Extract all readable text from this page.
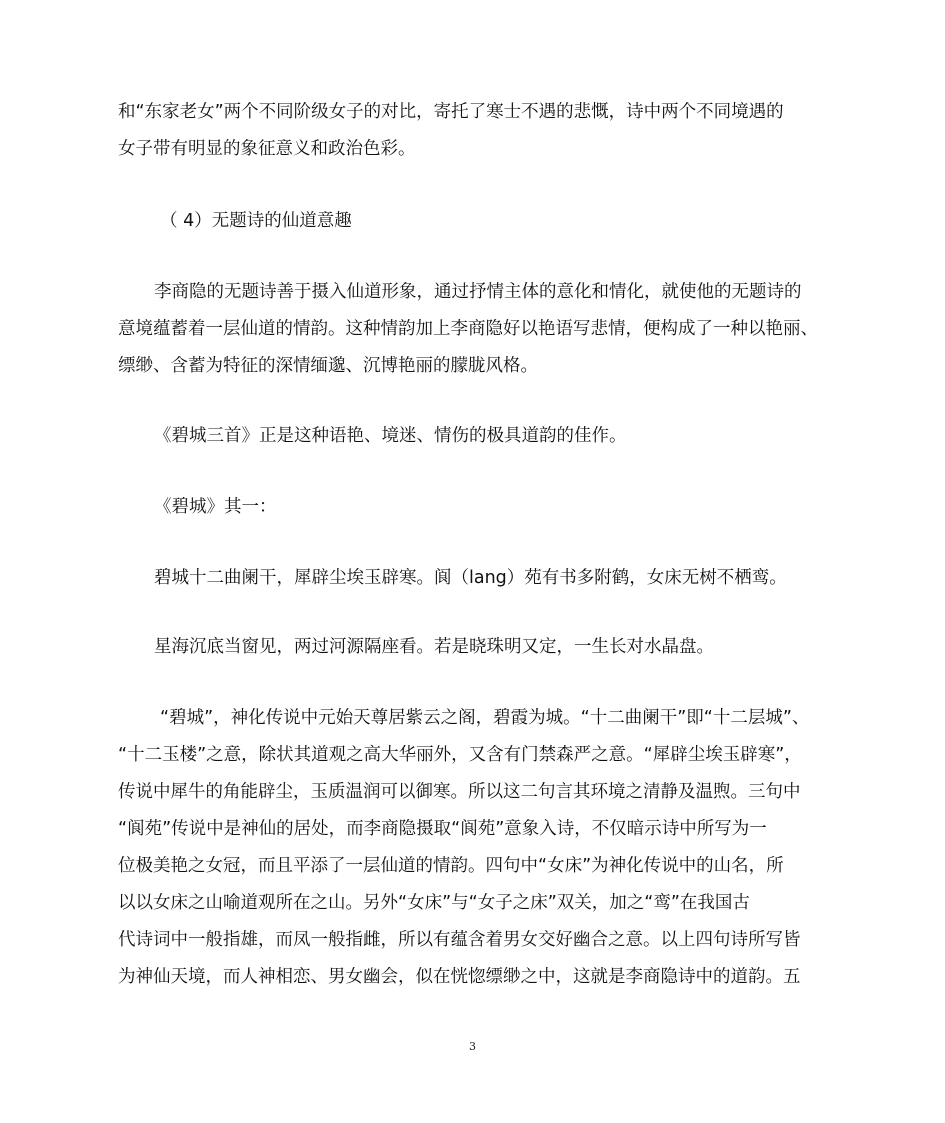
和“东家老女”两个不同阶级女子的对比，寄托了寒士不遇的悲慨，诗中两个不同境遇的
女子带有明显的象征意义和政治色彩。
（ 4）无题诗的仙道意趣
李商隐的无题诗善于摄入仙道形象，通过抒情主体的意化和情化，就使他的无题诗的
意境蕴蓄着一层仙道的情韵。这种情韵加上李商隐好以艳语写悲情，便构成了一种以艳丽、
缥缈、含蓄为特征的深情缅邈、沉博艳丽的朦胧风格。
《碧城三首》正是这种语艳、境迷、情伤的极具道韵的佳作。
《碧城》其一：
碧城十二曲阑干，犀辟尘埃玉辟寒。阆（lang）苑有书多附鹤，女床无树不栖鸾。
星海沉底当窗见，两过河源隔座看。若是晓珠明又定，一生长对水晶盘。
“碧城”，神化传说中元始天尊居紫云之阁，碧霞为城。“十二曲阑干”即“十二层城”、
“十二玉楼”之意，除状其道观之高大华丽外，又含有门禁森严之意。“犀辟尘埃玉辟寒”，
传说中犀牛的角能辟尘，玉质温润可以御寒。所以这二句言其环境之清静及温煦。三句中
“阆苑”传说中是神仙的居处，而李商隐摄取“阆苑”意象入诗，不仅暗示诗中所写为一
位极美艳之女冠，而且平添了一层仙道的情韵。四句中“女床”为神化传说中的山名，所
以以女床之山喻道观所在之山。另外“女床”与“女子之床”双关，加之“鸾”在我国古
代诗词中一般指雄，而凤一般指雌，所以有蕴含着男女交好幽合之意。以上四句诗所写皆
为神仙天境，而人神相恋、男女幽会，似在恍惚缥缈之中，这就是李商隐诗中的道韵。五
3
